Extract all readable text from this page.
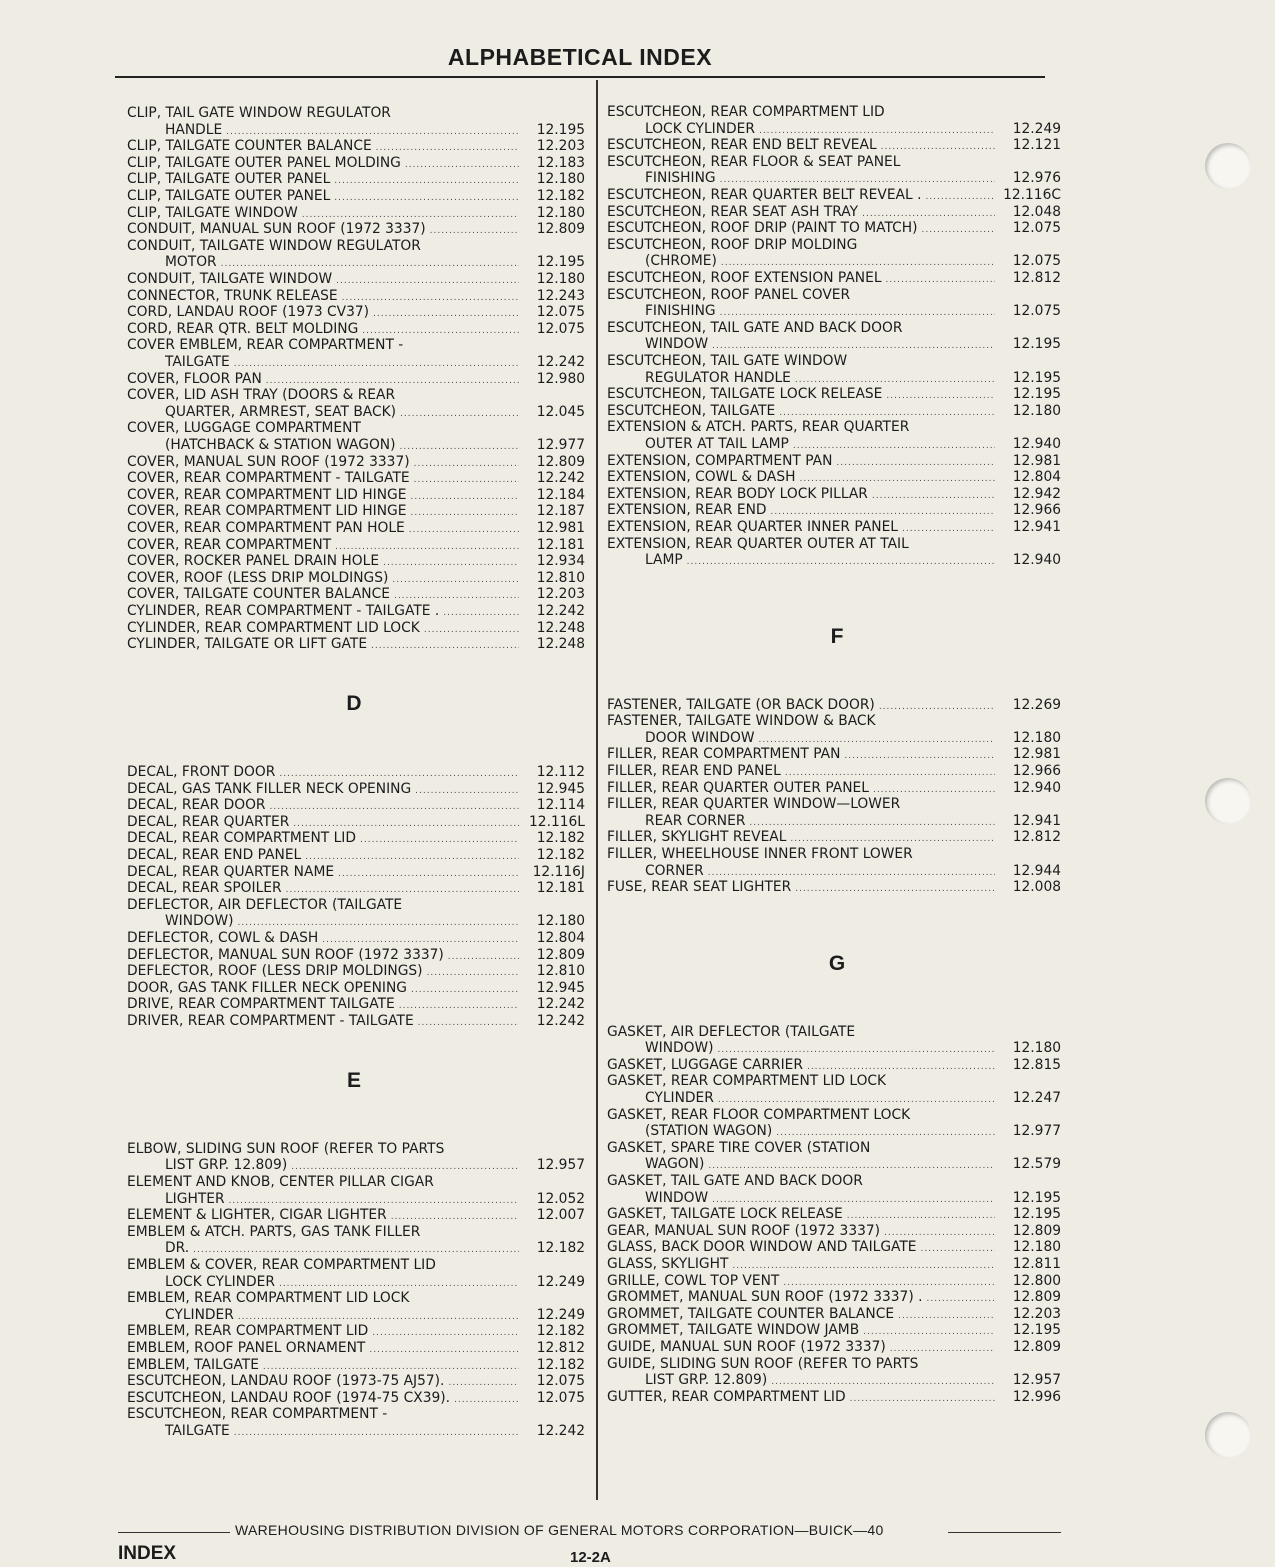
ALPHABETICAL INDEX
CLIP, TAIL GATE WINDOW REGULATOR
HANDLE .....	12.195
CLIP, TAILGATE COUNTER BALANCE .....	12.203
CLIP, TAILGATE OUTER PANEL MOLDING .....	12.183
CLIP, TAILGATE OUTER PANEL .....	12.180
CLIP, TAILGATE OUTER PANEL .....	12.182
CLIP, TAILGATE WINDOW .....	12.180
CONDUIT, MANUAL SUN ROOF (1972 3337) .....	12.809
CONDUIT, TAILGATE WINDOW REGULATOR
MOTOR .....	12.195
CONDUIT, TAILGATE WINDOW .....	12.180
CONNECTOR, TRUNK RELEASE .....	12.243
CORD, LANDAU ROOF (1973 CV37) .....	12.075
CORD, REAR QTR. BELT MOLDING .....	12.075
COVER EMBLEM, REAR COMPARTMENT -
TAILGATE .....	12.242
COVER, FLOOR PAN .....	12.980
COVER, LID ASH TRAY (DOORS & REAR
QUARTER, ARMREST, SEAT BACK) .....	12.045
COVER, LUGGAGE COMPARTMENT
(HATCHBACK & STATION WAGON) .....	12.977
COVER, MANUAL SUN ROOF (1972 3337) .....	12.809
COVER, REAR COMPARTMENT - TAILGATE .....	12.242
COVER, REAR COMPARTMENT LID HINGE .....	12.184
COVER, REAR COMPARTMENT LID HINGE .....	12.187
COVER, REAR COMPARTMENT PAN HOLE .....	12.981
COVER, REAR COMPARTMENT .....	12.181
COVER, ROCKER PANEL DRAIN HOLE .....	12.934
COVER, ROOF (LESS DRIP MOLDINGS) .....	12.810
COVER, TAILGATE COUNTER BALANCE .....	12.203
CYLINDER, REAR COMPARTMENT - TAILGATE . .....	12.242
CYLINDER, REAR COMPARTMENT LID LOCK .....	12.248
CYLINDER, TAILGATE OR LIFT GATE .....	12.248
D
DECAL, FRONT DOOR .....	12.112
DECAL, GAS TANK FILLER NECK OPENING .....	12.945
DECAL, REAR DOOR .....	12.114
DECAL, REAR QUARTER .....	12.116L
DECAL, REAR COMPARTMENT LID .....	12.182
DECAL, REAR END PANEL .....	12.182
DECAL, REAR QUARTER NAME .....	12.116J
DECAL, REAR SPOILER .....	12.181
DEFLECTOR, AIR DEFLECTOR (TAILGATE
WINDOW) .....	12.180
DEFLECTOR, COWL & DASH .....	12.804
DEFLECTOR, MANUAL SUN ROOF (1972 3337) .....	12.809
DEFLECTOR, ROOF (LESS DRIP MOLDINGS) .....	12.810
DOOR, GAS TANK FILLER NECK OPENING .....	12.945
DRIVE, REAR COMPARTMENT TAILGATE .....	12.242
DRIVER, REAR COMPARTMENT - TAILGATE .....	12.242
E
ELBOW, SLIDING SUN ROOF (REFER TO PARTS
LIST GRP. 12.809) .....	12.957
ELEMENT AND KNOB, CENTER PILLAR CIGAR
LIGHTER .....	12.052
ELEMENT & LIGHTER, CIGAR LIGHTER .....	12.007
EMBLEM & ATCH. PARTS, GAS TANK FILLER
DR. .....	12.182
EMBLEM & COVER, REAR COMPARTMENT LID
LOCK CYLINDER .....	12.249
EMBLEM, REAR COMPARTMENT LID LOCK
CYLINDER .....	12.249
EMBLEM, REAR COMPARTMENT LID .....	12.182
EMBLEM, ROOF PANEL ORNAMENT .....	12.812
EMBLEM, TAILGATE .....	12.182
ESCUTCHEON, LANDAU ROOF (1973-75 AJ57). .....	12.075
ESCUTCHEON, LANDAU ROOF (1974-75 CX39). .....	12.075
ESCUTCHEON, REAR COMPARTMENT -
TAILGATE .....	12.242
ESCUTCHEON, REAR COMPARTMENT LID
LOCK CYLINDER .....	12.249
ESCUTCHEON, REAR END BELT REVEAL .....	12.121
ESCUTCHEON, REAR FLOOR & SEAT PANEL
FINISHING .....	12.976
ESCUTCHEON, REAR QUARTER BELT REVEAL . .....	12.116C
ESCUTCHEON, REAR SEAT ASH TRAY .....	12.048
ESCUTCHEON, ROOF DRIP (PAINT TO MATCH) .....	12.075
ESCUTCHEON, ROOF DRIP MOLDING
(CHROME) .....	12.075
ESCUTCHEON, ROOF EXTENSION PANEL .....	12.812
ESCUTCHEON, ROOF PANEL COVER
FINISHING .....	12.075
ESCUTCHEON, TAIL GATE AND BACK DOOR
WINDOW .....	12.195
ESCUTCHEON, TAIL GATE WINDOW
REGULATOR HANDLE .....	12.195
ESCUTCHEON, TAILGATE LOCK RELEASE .....	12.195
ESCUTCHEON, TAILGATE .....	12.180
EXTENSION & ATCH. PARTS, REAR QUARTER
OUTER AT TAIL LAMP .....	12.940
EXTENSION, COMPARTMENT PAN .....	12.981
EXTENSION, COWL & DASH .....	12.804
EXTENSION, REAR BODY LOCK PILLAR .....	12.942
EXTENSION, REAR END .....	12.966
EXTENSION, REAR QUARTER INNER PANEL .....	12.941
EXTENSION, REAR QUARTER OUTER AT TAIL
LAMP .....	12.940
F
FASTENER, TAILGATE (OR BACK DOOR) .....	12.269
FASTENER, TAILGATE WINDOW & BACK
DOOR WINDOW .....	12.180
FILLER, REAR COMPARTMENT PAN .....	12.981
FILLER, REAR END PANEL .....	12.966
FILLER, REAR QUARTER OUTER PANEL .....	12.940
FILLER, REAR QUARTER WINDOW—LOWER
REAR CORNER .....	12.941
FILLER, SKYLIGHT REVEAL .....	12.812
FILLER, WHEELHOUSE INNER FRONT LOWER
CORNER .....	12.944
FUSE, REAR SEAT LIGHTER .....	12.008
G
GASKET, AIR DEFLECTOR (TAILGATE
WINDOW) .....	12.180
GASKET, LUGGAGE CARRIER .....	12.815
GASKET, REAR COMPARTMENT LID LOCK
CYLINDER .....	12.247
GASKET, REAR FLOOR COMPARTMENT LOCK
(STATION WAGON) .....	12.977
GASKET, SPARE TIRE COVER (STATION
WAGON) .....	12.579
GASKET, TAIL GATE AND BACK DOOR
WINDOW .....	12.195
GASKET, TAILGATE LOCK RELEASE .....	12.195
GEAR, MANUAL SUN ROOF (1972 3337) .....	12.809
GLASS, BACK DOOR WINDOW AND TAILGATE .....	12.180
GLASS, SKYLIGHT .....	12.811
GRILLE, COWL TOP VENT .....	12.800
GROMMET, MANUAL SUN ROOF (1972 3337) . .....	12.809
GROMMET, TAILGATE COUNTER BALANCE .....	12.203
GROMMET, TAILGATE WINDOW JAMB .....	12.195
GUIDE, MANUAL SUN ROOF (1972 3337) .....	12.809
GUIDE, SLIDING SUN ROOF (REFER TO PARTS
LIST GRP. 12.809) .....	12.957
GUTTER, REAR COMPARTMENT LID .....	12.996
WAREHOUSING DISTRIBUTION DIVISION OF GENERAL MOTORS CORPORATION—BUICK—40
INDEX	12-2A
